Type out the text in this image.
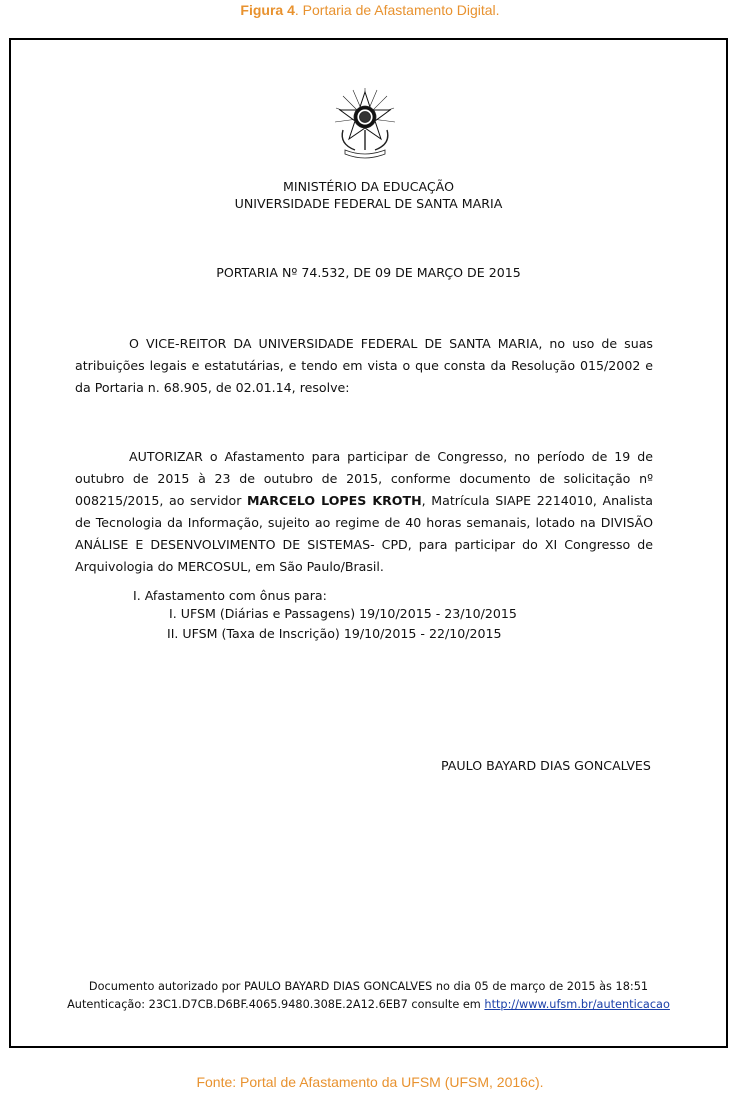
Figura 4. Portaria de Afastamento Digital.
MINISTÉRIO DA EDUCAÇÃO
UNIVERSIDADE FEDERAL DE SANTA MARIA
PORTARIA Nº 74.532, DE 09 DE MARÇO DE 2015
O VICE-REITOR DA UNIVERSIDADE FEDERAL DE SANTA MARIA, no uso de suas atribuições legais e estatutárias, e tendo em vista o que consta da Resolução 015/2002 e da Portaria n. 68.905, de 02.01.14, resolve:
AUTORIZAR o Afastamento para participar de Congresso, no período de 19 de outubro de 2015 à 23 de outubro de 2015, conforme documento de solicitação nº 008215/2015, ao servidor MARCELO LOPES KROTH, Matrícula SIAPE 2214010, Analista de Tecnologia da Informação, sujeito ao regime de 40 horas semanais, lotado na DIVISÃO ANÁLISE E DESENVOLVIMENTO DE SISTEMAS- CPD, para participar do XI Congresso de Arquivologia do MERCOSUL, em São Paulo/Brasil.
I. Afastamento com ônus para:
I. UFSM (Diárias e Passagens) 19/10/2015 - 23/10/2015
II. UFSM (Taxa de Inscrição) 19/10/2015 - 22/10/2015
PAULO BAYARD DIAS GONCALVES
Documento autorizado por PAULO BAYARD DIAS GONCALVES no dia 05 de março de 2015 às 18:51
Autenticação: 23C1.D7CB.D6BF.4065.9480.308E.2A12.6EB7 consulte em http://www.ufsm.br/autenticacao
Fonte: Portal de Afastamento da UFSM (UFSM, 2016c).
